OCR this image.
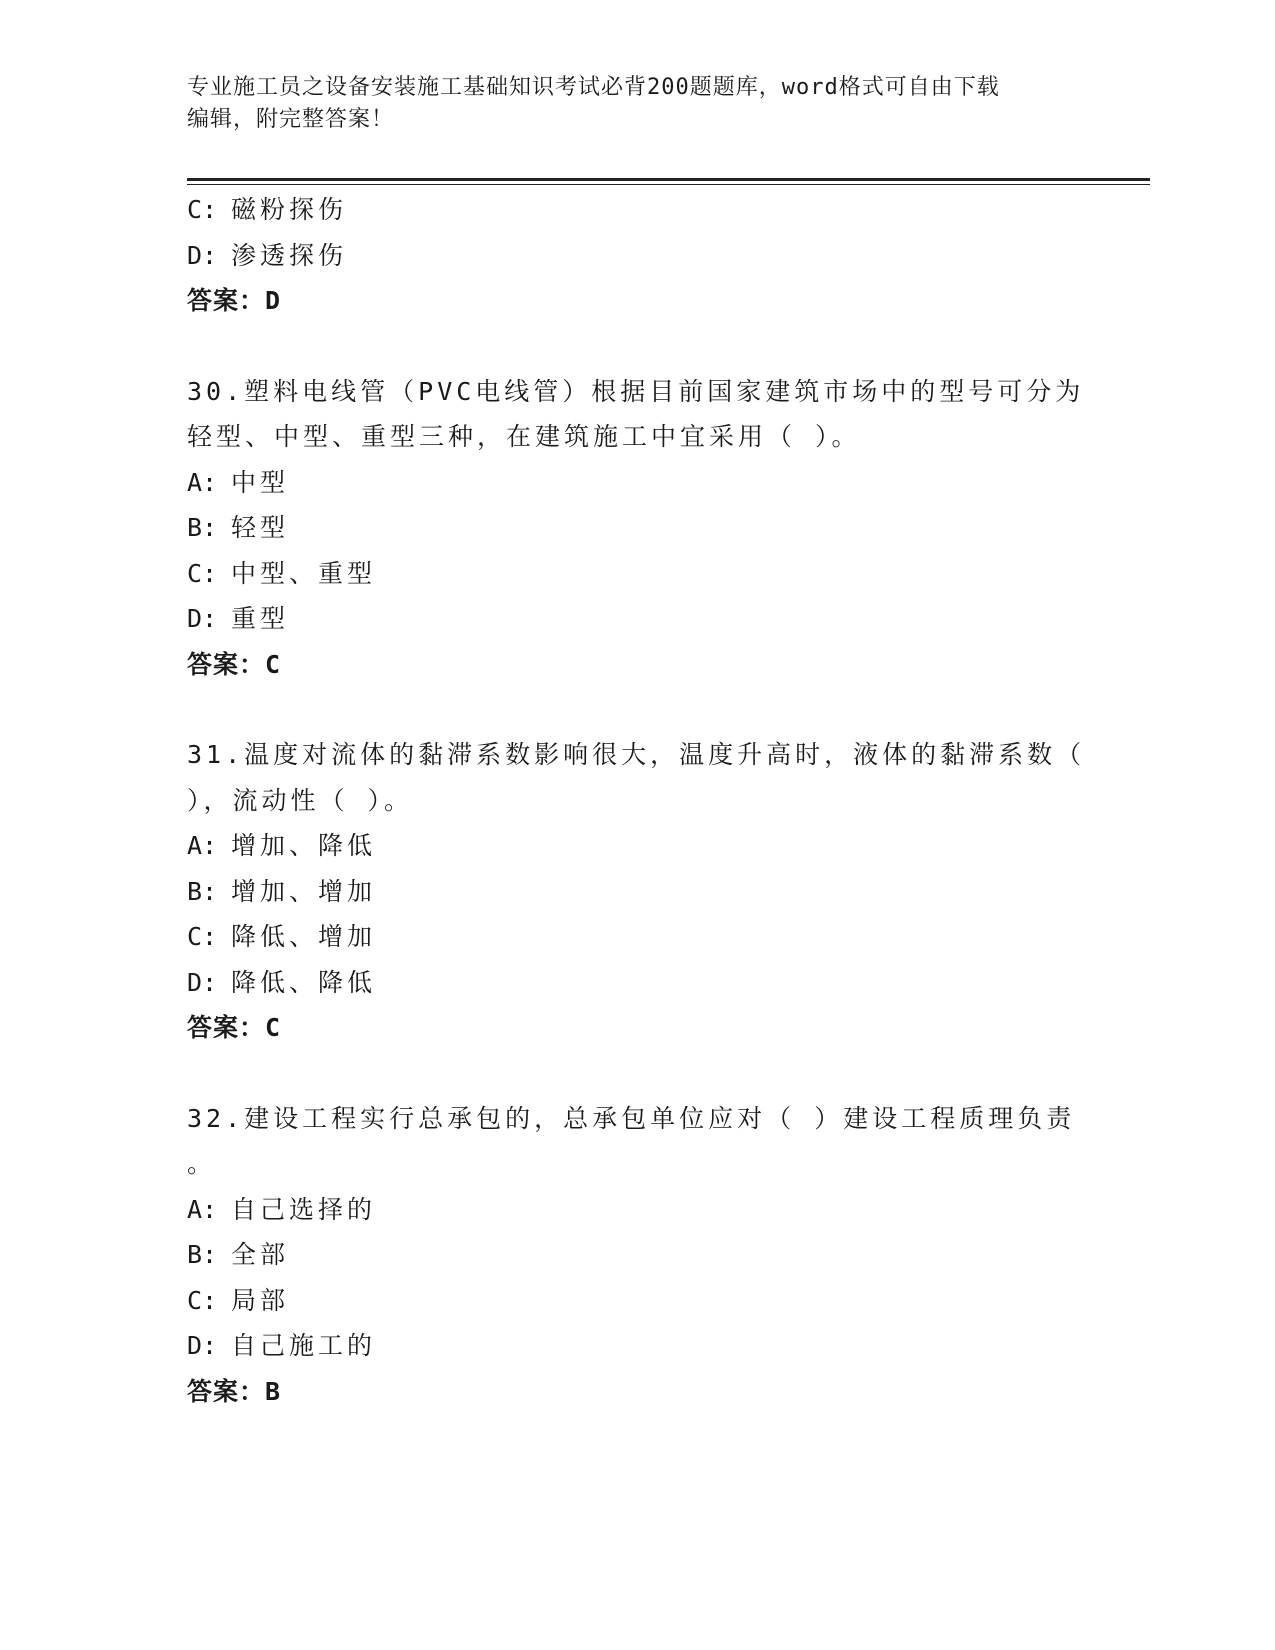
专业施工员之设备安装施工基础知识考试必背200题题库，word格式可自由下载
编辑，附完整答案！
C: 磁粉探伤
D: 渗透探伤
答案：D
30.塑料电线管（PVC电线管）根据目前国家建筑市场中的型号可分为
轻型、中型、重型三种，在建筑施工中宜采用（ ）。
A: 中型
B: 轻型
C: 中型、重型
D: 重型
答案：C
31.温度对流体的黏滞系数影响很大，温度升高时，液体的黏滞系数（
），流动性（ ）。
A: 增加、降低
B: 增加、增加
C: 降低、增加
D: 降低、降低
答案：C
32.建设工程实行总承包的，总承包单位应对（ ）建设工程质理负责
。
A: 自己选择的
B: 全部
C: 局部
D: 自己施工的
答案：B
